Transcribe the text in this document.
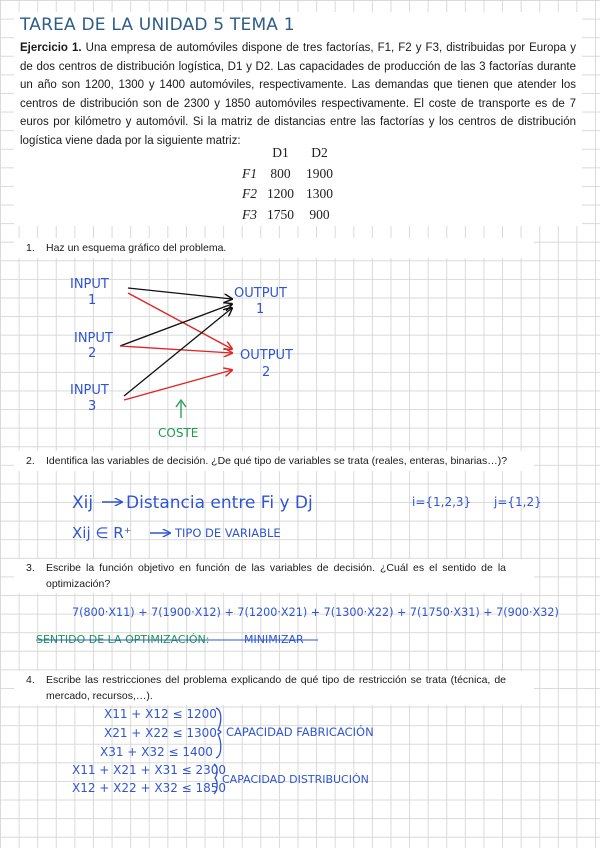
TAREA DE LA UNIDAD 5 TEMA 1

Ejercicio 1. Una empresa de automóviles dispone de tres factorías, F1, F2 y F3, distribuidas por Europa y de dos centros de distribución logística, D1 y D2. Las capacidades de producción de las 3 factorías durante un año son 1200, 1300 y 1400 automóviles, respectivamente. Las demandas que tienen que atender los centros de distribución son de 2300 y 1850 automóviles respectivamente. El coste de transporte es de 7 euros por kilómetro y automóvil. Si la matriz de distancias entre las factorías y los centros de distribución logística viene dada por la siguiente matriz:

	D1	D2
F1	800	1900
F2	1200	1300
F3	1750	900
1.	Haz un esquema gráfico del problema.
2.	Identifica las variables de decisión. ¿De qué tipo de variables se trata (reales, enteras, binarias…)?
3.	Escribe la función objetivo en función de las variables de decisión. ¿Cuál es el sentido de la optimización?
4.	Escribe las restricciones del problema explicando de qué tipo de restricción se trata (técnica, de mercado, recursos,…).
INPUT
1
INPUT
2
INPUT
3
OUTPUT
1
OUTPUT
2
COSTE
Xij Distancia entre Fi y Dj	i={1,2,3} j={1,2}
Xij ∈ R⁺	TIPO DE VARIABLE
7(800·X11) + 7(1900·X12) + 7(1200·X21) + 7(1300·X22) + 7(1750·X31) + 7(900·X32)
SENTIDO DE LA OPTIMIZACIÓN:	MINIMIZAR
X11 + X12 ≤ 1200
X21 + X22 ≤ 1300
X31 + X32 ≤ 1400
X11 + X21 + X31 ≤ 2300
X12 + X22 + X32 ≤ 1850
CAPACIDAD FABRICACIÓN
CAPACIDAD DISTRIBUCIÓN
